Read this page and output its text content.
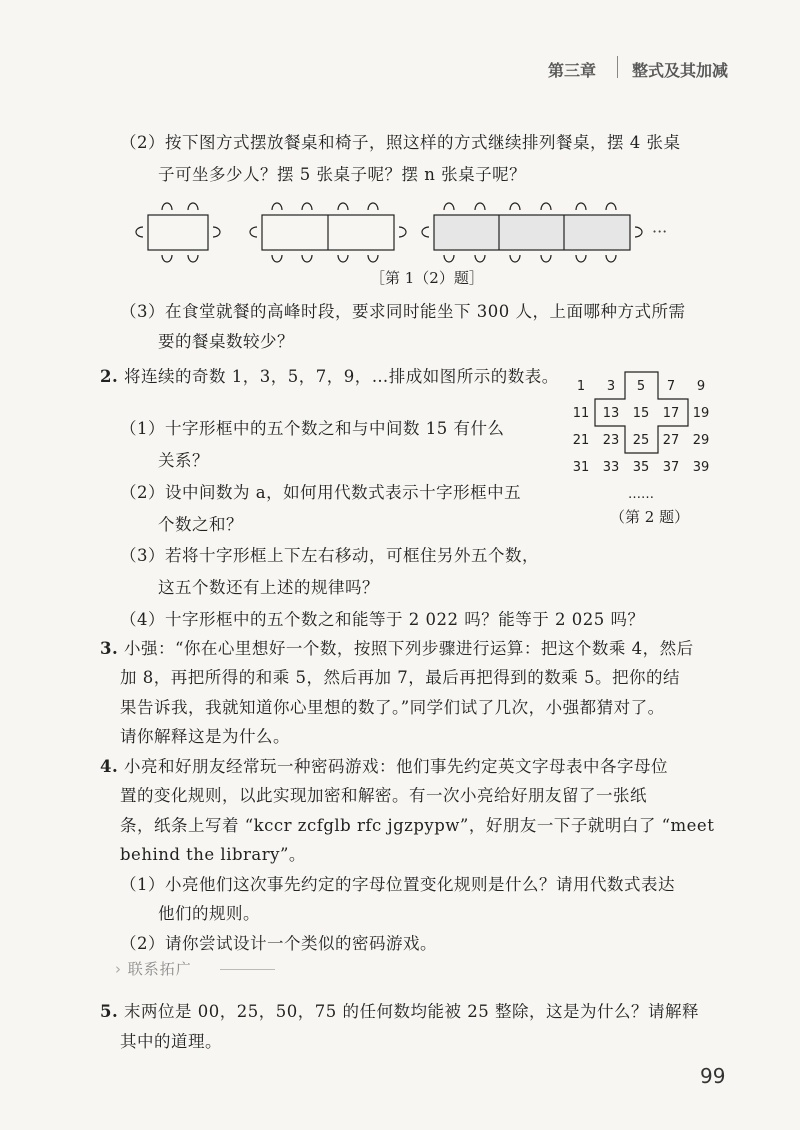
第三章 整式及其加减

（2）按下图方式摆放餐桌和椅子，照这样的方式继续排列餐桌，摆 4 张桌

子可坐多少人？摆 5 张桌子呢？摆 n 张桌子呢？

···
［第 1（2）题］

（3）在食堂就餐的高峰时段，要求同时能坐下 300 人，上面哪种方式所需

要的餐桌数较少？

2. 将连续的奇数 1，3，5，7，9，…排成如图所示的数表。

（1）十字形框中的五个数之和与中间数 15 有什么

关系？

（2）设中间数为 a，如何用代数式表示十字形框中五

个数之和？

（3）若将十字形框上下左右移动，可框住另外五个数，

这五个数还有上述的规律吗？

（4）十字形框中的五个数之和能等于 2 022 吗？能等于 2 025 吗？

1 3 5 7 9
11 13 15 17 19
21 23 25 27 29
31 33 35 37 39
……
（第 2 题）

3. 小强：“你在心里想好一个数，按照下列步骤进行运算：把这个数乘 4，然后

加 8，再把所得的和乘 5，然后再加 7，最后再把得到的数乘 5。把你的结

果告诉我，我就知道你心里想的数了。”同学们试了几次，小强都猜对了。

请你解释这是为什么。

4. 小亮和好朋友经常玩一种密码游戏：他们事先约定英文字母表中各字母位

置的变化规则，以此实现加密和解密。有一次小亮给好朋友留了一张纸

条，纸条上写着 “kccr zcfglb rfc jgzpypw”，好朋友一下子就明白了 “meet

behind the library”。

（1）小亮他们这次事先约定的字母位置变化规则是什么？请用代数式表达

他们的规则。

（2）请你尝试设计一个类似的密码游戏。

› 联系拓广

5. 末两位是 00，25，50，75 的任何数均能被 25 整除，这是为什么？请解释

其中的道理。

99
